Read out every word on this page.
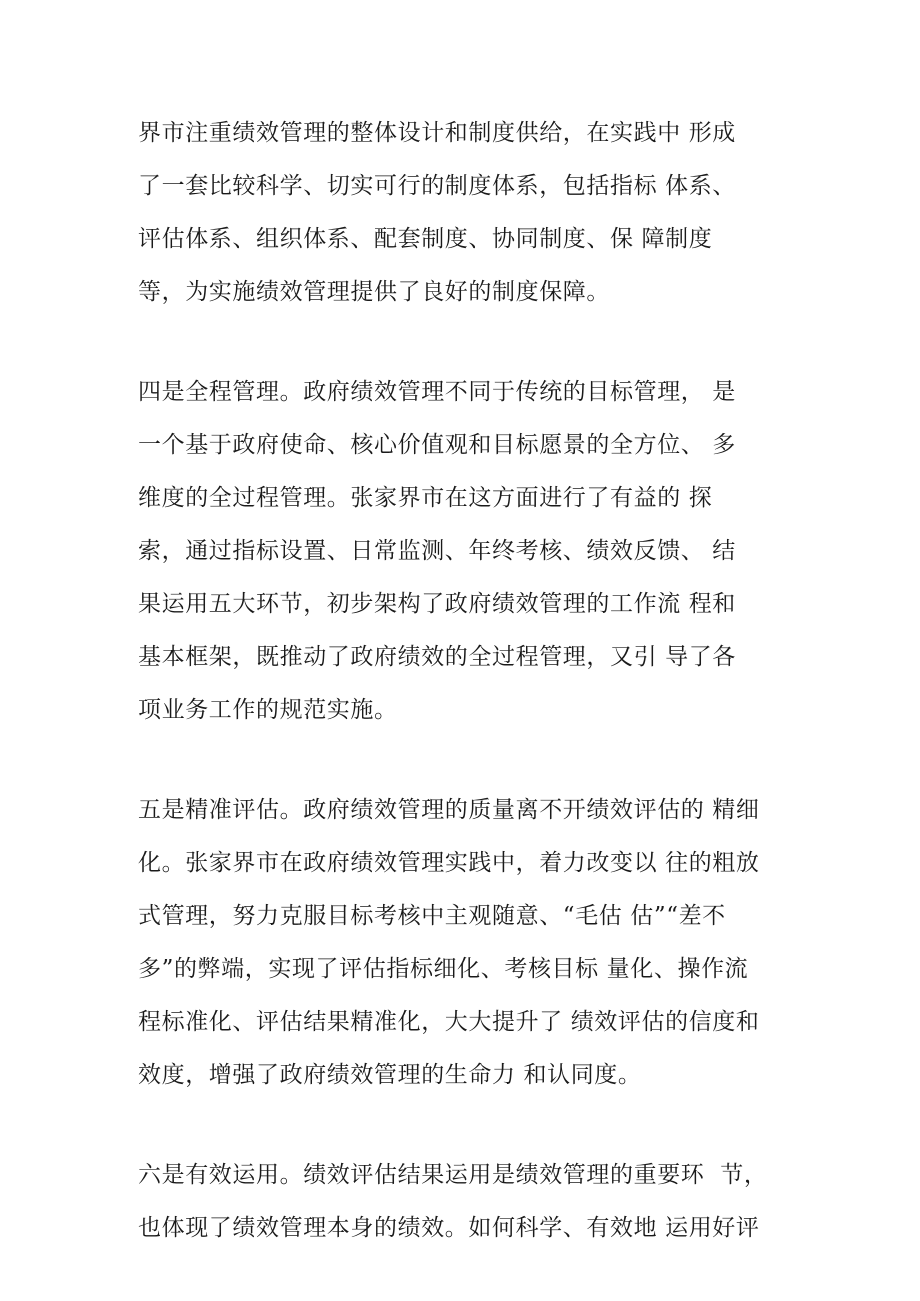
界市注重绩效管理的整体设计和制度供给，在实践中 形成
了一套比较科学、切实可行的制度体系，包括指标 体系、
评估体系、组织体系、配套制度、协同制度、保 障制度
等，为实施绩效管理提供了良好的制度保障。
四是全程管理。政府绩效管理不同于传统的目标管理， 是
一个基于政府使命、核心价值观和目标愿景的全方位、 多
维度的全过程管理。张家界市在这方面进行了有益的 探
索，通过指标设置、日常监测、年终考核、绩效反馈、 结
果运用五大环节，初步架构了政府绩效管理的工作流 程和
基本框架，既推动了政府绩效的全过程管理，又引 导了各
项业务工作的规范实施。
五是精准评估。政府绩效管理的质量离不开绩效评估的 精细
化。张家界市在政府绩效管理实践中，着力改变以 往的粗放
式管理，努力克服目标考核中主观随意、“毛估 估”“差不
多”的弊端，实现了评估指标细化、考核目标 量化、操作流
程标准化、评估结果精准化，大大提升了 绩效评估的信度和
效度，增强了政府绩效管理的生命力 和认同度。
六是有效运用。绩效评估结果运用是绩效管理的重要环  节，
也体现了绩效管理本身的绩效。如何科学、有效地 运用好评
